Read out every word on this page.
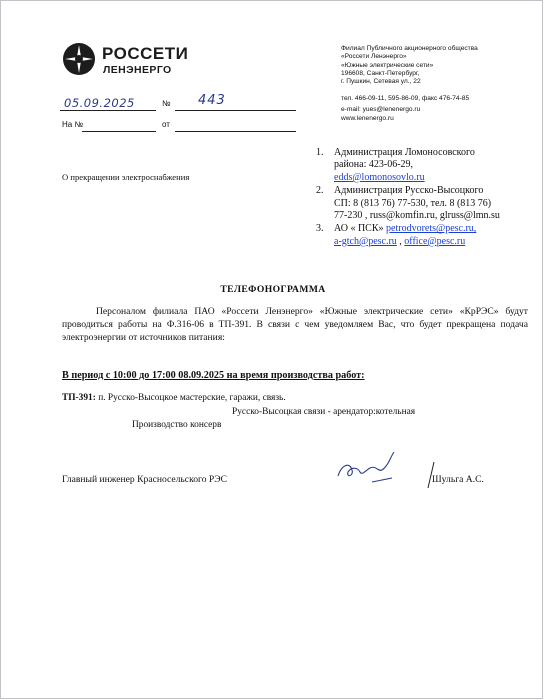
РОССЕТИ
ЛЕНЭНЕРГО
Филиал Публичного акционерного общества
«Россети Ленэнерго»
«Южные электрические сети»
196608, Санкт-Петербург,
г. Пушкин, Сетевая ул., 22
тел. 466-09-11, 595-86-09, факс 476-74-85
e-mail: yues@lenenergo.ru
www.lenenergo.ru
05.09.2025	№ 443
На №	от
О прекращении электроснабжения
1. Администрация Ломоносовского
района: 423-06-29,
edds@lomonosovlo.ru
2. Администрация Русско-Высоцкого
СП: 8 (813 76) 77-530, тел. 8 (813 76)
77-230 , russ@komfin.ru, glruss@lmn.su
3. АО « ПСК» petrodvorets@pesc.ru,
a-gtch@pesc.ru , office@pesc.ru
ТЕЛЕФОНОГРАММА
Персоналом филиала ПАО «Россети Ленэнерго» «Южные электрические сети» «КрРЭС» будут проводиться работы на Ф.316-06 в ТП-391. В связи с чем уведомляем Вас, что будет прекращена подача электроэнергии от источников питания:
В период с 10:00 до 17:00 08.09.2025 на время производства работ:
ТП-391: п. Русско-Высоцкое мастерские, гаражи, связь.
Русско-Высоцкая связи - арендатор:котельная
Производство консерв
Главный инженер Красносельского РЭС	Шульга А.С.
